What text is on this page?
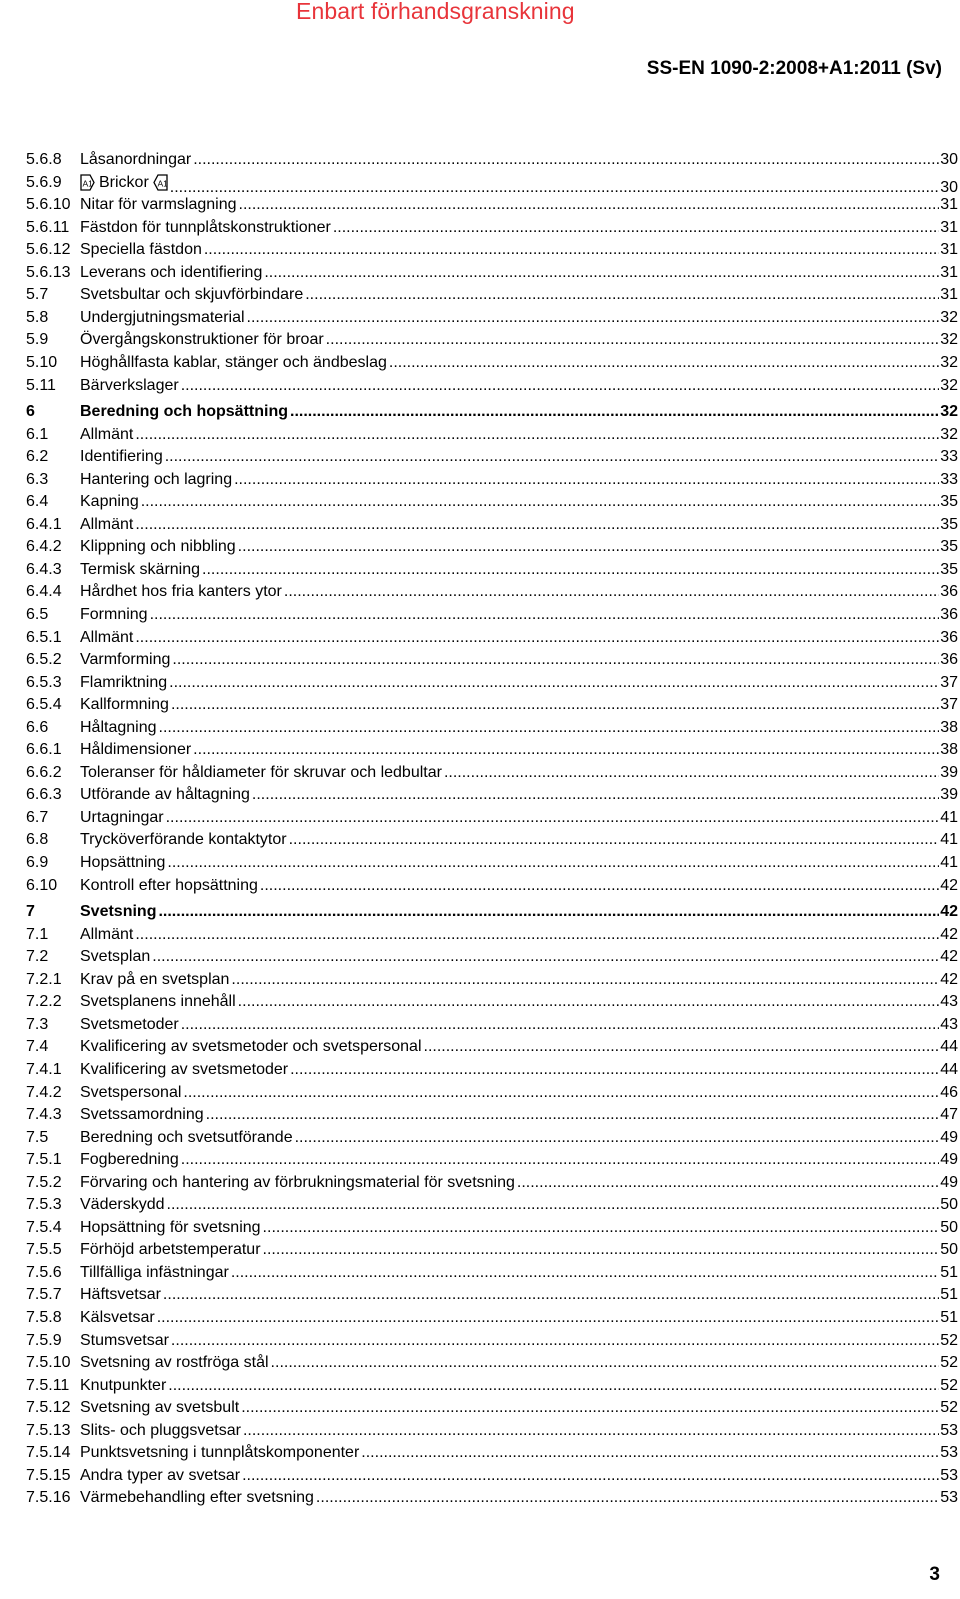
Enbart förhandsgranskning
SS-EN 1090-2:2008+A1:2011 (Sv)
5.6.8 Låsanordningar .....	30
5.6.9 A1 Brickor A1 .....	30
5.6.10 Nitar för varmslagning .....	31
5.6.11 Fästdon för tunnplåtskonstruktioner .....	31
5.6.12 Speciella fästdon .....	31
5.6.13 Leverans och identifiering .....	31
5.7 Svetsbultar och skjuvförbindare .....	31
5.8 Undergjutningsmaterial .....	32
5.9 Övergångskonstruktioner för broar .....	32
5.10 Höghållfasta kablar, stänger och ändbeslag .....	32
5.11 Bärverkslager .....	32
6	Beredning och hopsättning .....	32
6.1 Allmänt .....	32
6.2 Identifiering .....	33
6.3 Hantering och lagring .....	33
6.4 Kapning .....	35
6.4.1 Allmänt .....	35
6.4.2 Klippning och nibbling .....	35
6.4.3 Termisk skärning .....	35
6.4.4 Hårdhet hos fria kanters ytor .....	36
6.5 Formning .....	36
6.5.1 Allmänt .....	36
6.5.2 Varmforming .....	36
6.5.3 Flamriktning .....	37
6.5.4 Kallformning .....	37
6.6 Håltagning .....	38
6.6.1 Håldimensioner .....	38
6.6.2 Toleranser för håldiameter för skruvar och ledbultar .....	39
6.6.3 Utförande av håltagning .....	39
6.7 Urtagningar .....	41
6.8 Trycköverförande kontaktytor .....	41
6.9 Hopsättning .....	41
6.10 Kontroll efter hopsättning .....	42
7	Svetsning .....	42
7.1 Allmänt .....	42
7.2 Svetsplan .....	42
7.2.1 Krav på en svetsplan .....	42
7.2.2 Svetsplanens innehåll .....	43
7.3 Svetsmetoder .....	43
7.4 Kvalificering av svetsmetoder och svetspersonal .....	44
7.4.1 Kvalificering av svetsmetoder .....	44
7.4.2 Svetspersonal .....	46
7.4.3 Svetssamordning .....	47
7.5 Beredning och svetsutförande .....	49
7.5.1 Fogberedning .....	49
7.5.2 Förvaring och hantering av förbrukningsmaterial för svetsning .....	49
7.5.3 Väderskydd .....	50
7.5.4 Hopsättning för svetsning .....	50
7.5.5 Förhöjd arbetstemperatur .....	50
7.5.6 Tillfälliga infästningar .....	51
7.5.7 Häftsvetsar .....	51
7.5.8 Kälsvetsar .....	51
7.5.9 Stumsvetsar .....	52
7.5.10 Svetsning av rostfröga stål .....	52
7.5.11 Knutpunkter .....	52
7.5.12 Svetsning av svetsbult .....	52
7.5.13 Slits- och pluggsvetsar .....	53
7.5.14 Punktsvetsning i tunnplåtskomponenter .....	53
7.5.15 Andra typer av svetsar .....	53
7.5.16 Värmebehandling efter svetsning .....	53
3
